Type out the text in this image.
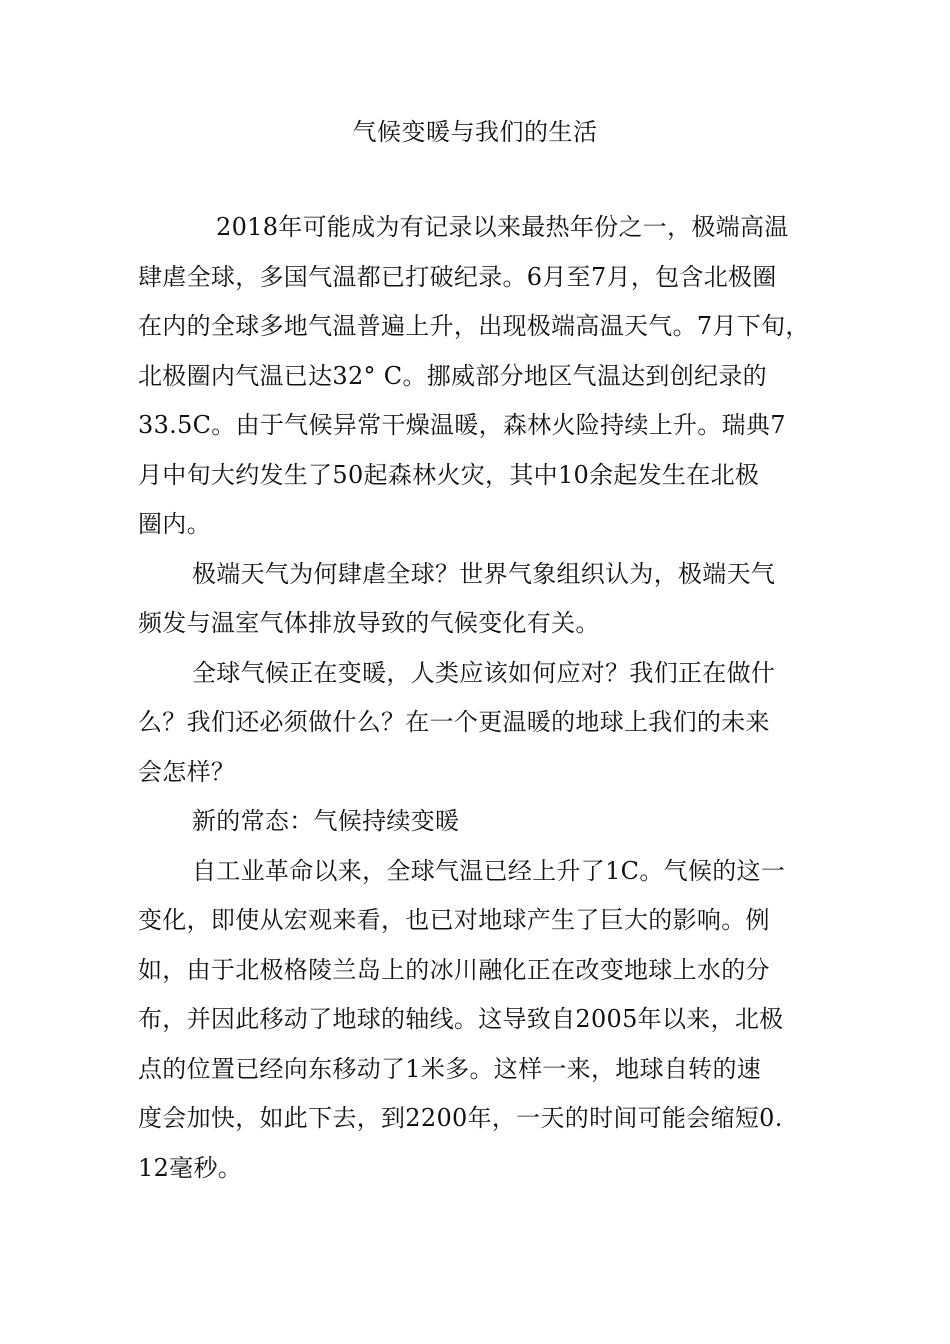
气候变暖与我们的生活
2018年可能成为有记录以来最热年份之一，极端高温
肆虐全球，多国气温都已打破纪录。6月至7月，包含北极圈
在内的全球多地气温普遍上升，出现极端高温天气。7月下旬，
北极圈内气温已达32° C。挪威部分地区气温达到创纪录的
33.5C。由于气候异常干燥温暖，森林火险持续上升。瑞典7
月中旬大约发生了50起森林火灾，其中10余起发生在北极
圈内。
极端天气为何肆虐全球？世界气象组织认为，极端天气
频发与温室气体排放导致的气候变化有关。
全球气候正在变暖，人类应该如何应对？我们正在做什
么？我们还必须做什么？在一个更温暖的地球上我们的未来
会怎样？
新的常态：气候持续变暖
自工业革命以来，全球气温已经上升了1C。气候的这一
变化，即使从宏观来看，也已对地球产生了巨大的影响。例
如，由于北极格陵兰岛上的冰川融化正在改变地球上水的分
布，并因此移动了地球的轴线。这导致自2005年以来，北极
点的位置已经向东移动了1米多。这样一来，地球自转的速
度会加快，如此下去，到2200年，一天的时间可能会缩短0.
12毫秒。
